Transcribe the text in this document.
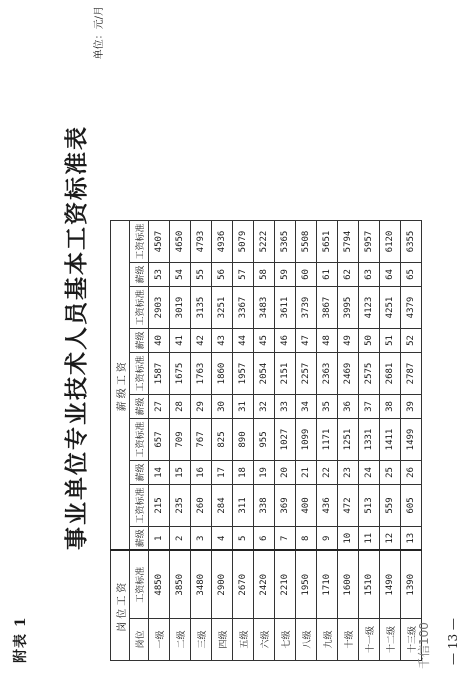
附表 1
事业单位专业技术人员基本工资标准表
单位：元/月
岗位工资		薪级工资									
岗位	工资标准	薪级	工资标准	薪级	工资标准	薪级	工资标准	薪级	工资标准	薪级	工资标准
一级	4850	1	215	14	657	27	1587	40	2903	53	4507
二级	3850	2	235	15	709	28	1675	41	3019	54	4650
三级	3480	3	260	16	767	29	1763	42	3135	55	4793
四级	2900	4	284	17	825	30	1860	43	3251	56	4936
五级	2670	5	311	18	890	31	1957	44	3367	57	5079
六级	2420	6	338	19	955	32	2054	45	3483	58	5222
七级	2210	7	369	20	1027	33	2151	46	3611	59	5365
八级	1950	8	400	21	1099	34	2257	47	3739	60	5508
九级	1710	9	436	22	1171	35	2363	48	3867	61	5651
十级	1600	10	472	23	1251	36	2469	49	3995	62	5794
十一级	1510	11	513	24	1331	37	2575	50	4123	63	5957
十二级	1490	12	559	25	1411	38	2681	51	4251	64	6120
十三级	1390	13	605	26	1499	39	2787	52	4379	65	6355
千信100 — 13 —
